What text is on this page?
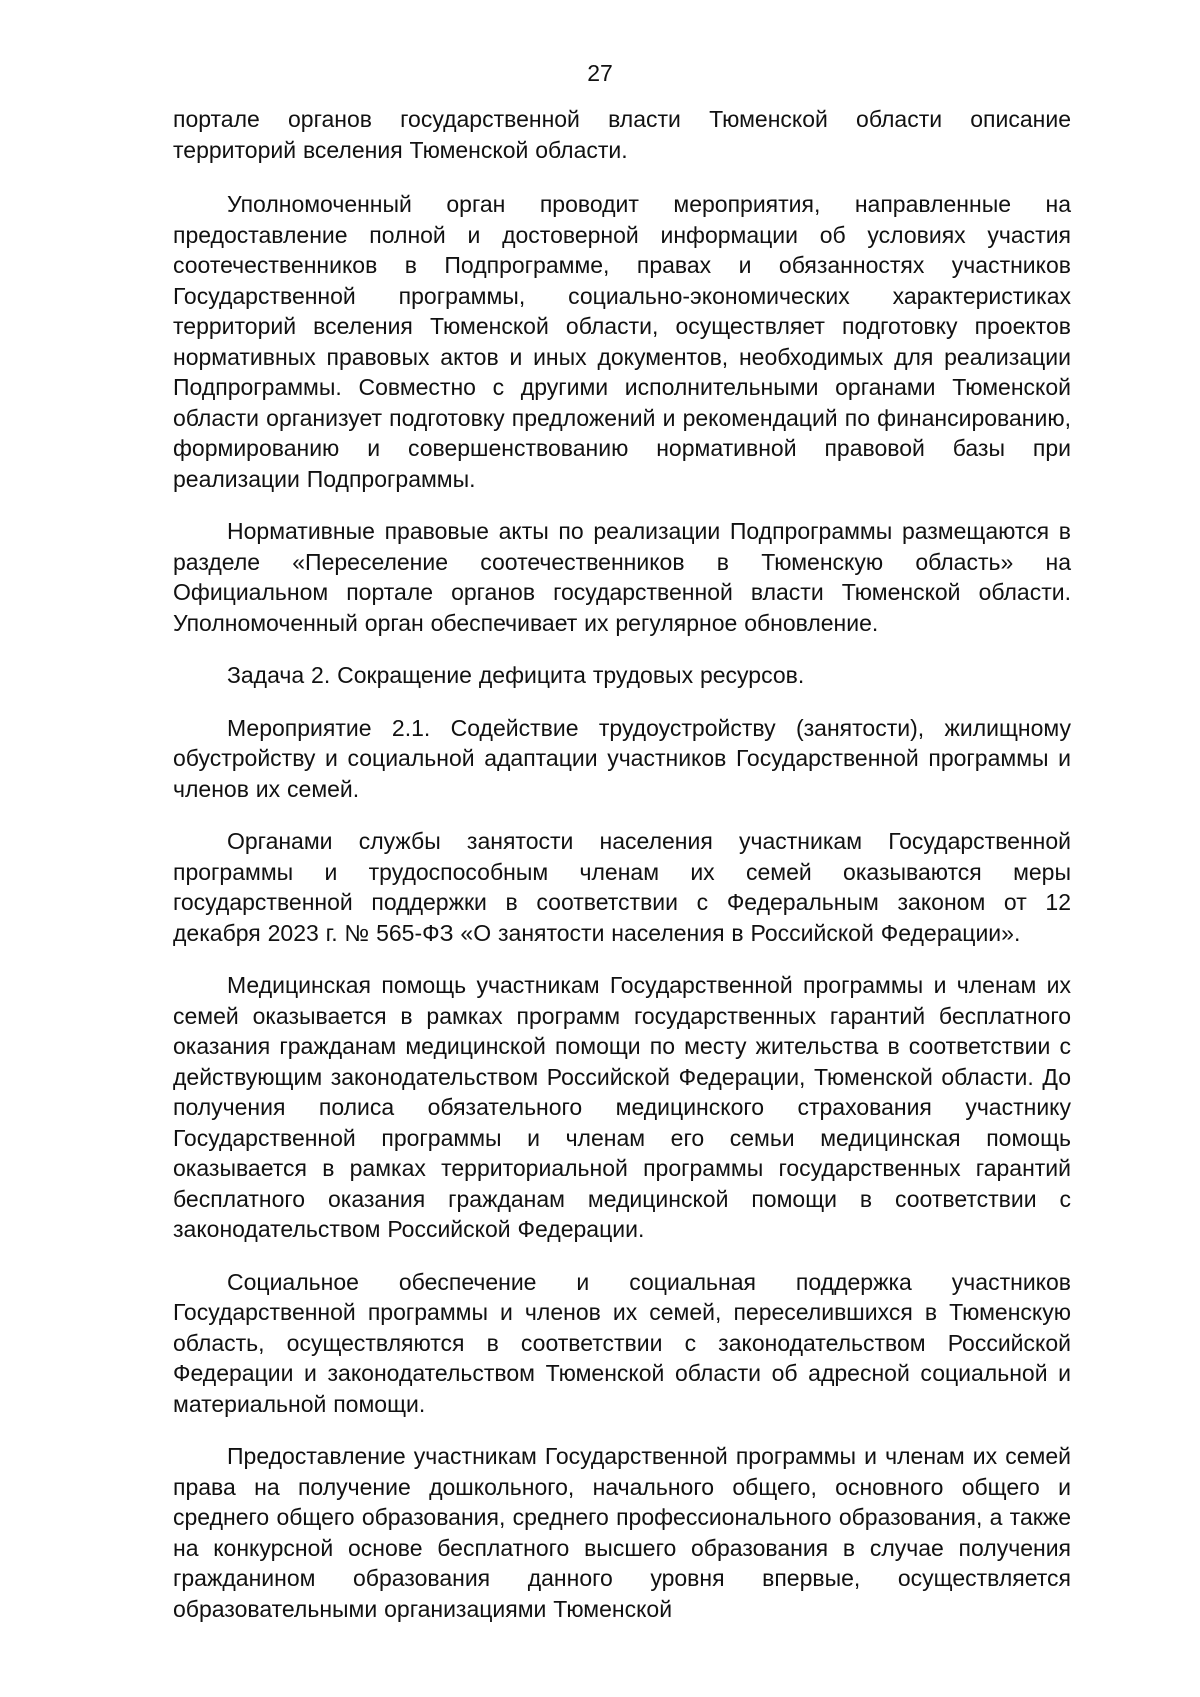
27

портале органов государственной власти Тюменской области описание территорий вселения Тюменской области.

Уполномоченный орган проводит мероприятия, направленные на предоставление полной и достоверной информации об условиях участия соотечественников в Подпрограмме, правах и обязанностях участников Государственной программы, социально-экономических характеристиках территорий вселения Тюменской области, осуществляет подготовку проектов нормативных правовых актов и иных документов, необходимых для реализации Подпрограммы. Совместно с другими исполнительными органами Тюменской области организует подготовку предложений и рекомендаций по финансированию, формированию и совершенствованию нормативной правовой базы при реализации Подпрограммы.

Нормативные правовые акты по реализации Подпрограммы размещаются в разделе «Переселение соотечественников в Тюменскую область» на Официальном портале органов государственной власти Тюменской области. Уполномоченный орган обеспечивает их регулярное обновление.

Задача 2. Сокращение дефицита трудовых ресурсов.

Мероприятие 2.1. Содействие трудоустройству (занятости), жилищному обустройству и социальной адаптации участников Государственной программы и членов их семей.

Органами службы занятости населения участникам Государственной программы и трудоспособным членам их семей оказываются меры государственной поддержки в соответствии с Федеральным законом от 12 декабря 2023 г. № 565-ФЗ «О занятости населения в Российской Федерации».

Медицинская помощь участникам Государственной программы и членам их семей оказывается в рамках программ государственных гарантий бесплатного оказания гражданам медицинской помощи по месту жительства в соответствии с действующим законодательством Российской Федерации, Тюменской области. До получения полиса обязательного медицинского страхования участнику Государственной программы и членам его семьи медицинская помощь оказывается в рамках территориальной программы государственных гарантий бесплатного оказания гражданам медицинской помощи в соответствии с законодательством Российской Федерации.

Социальное обеспечение и социальная поддержка участников Государственной программы и членов их семей, переселившихся в Тюменскую область, осуществляются в соответствии с законодательством Российской Федерации и законодательством Тюменской области об адресной социальной и материальной помощи.

Предоставление участникам Государственной программы и членам их семей права на получение дошкольного, начального общего, основного общего и среднего общего образования, среднего профессионального образования, а также на конкурсной основе бесплатного высшего образования в случае получения гражданином образования данного уровня впервые, осуществляется образовательными организациями Тюменской
